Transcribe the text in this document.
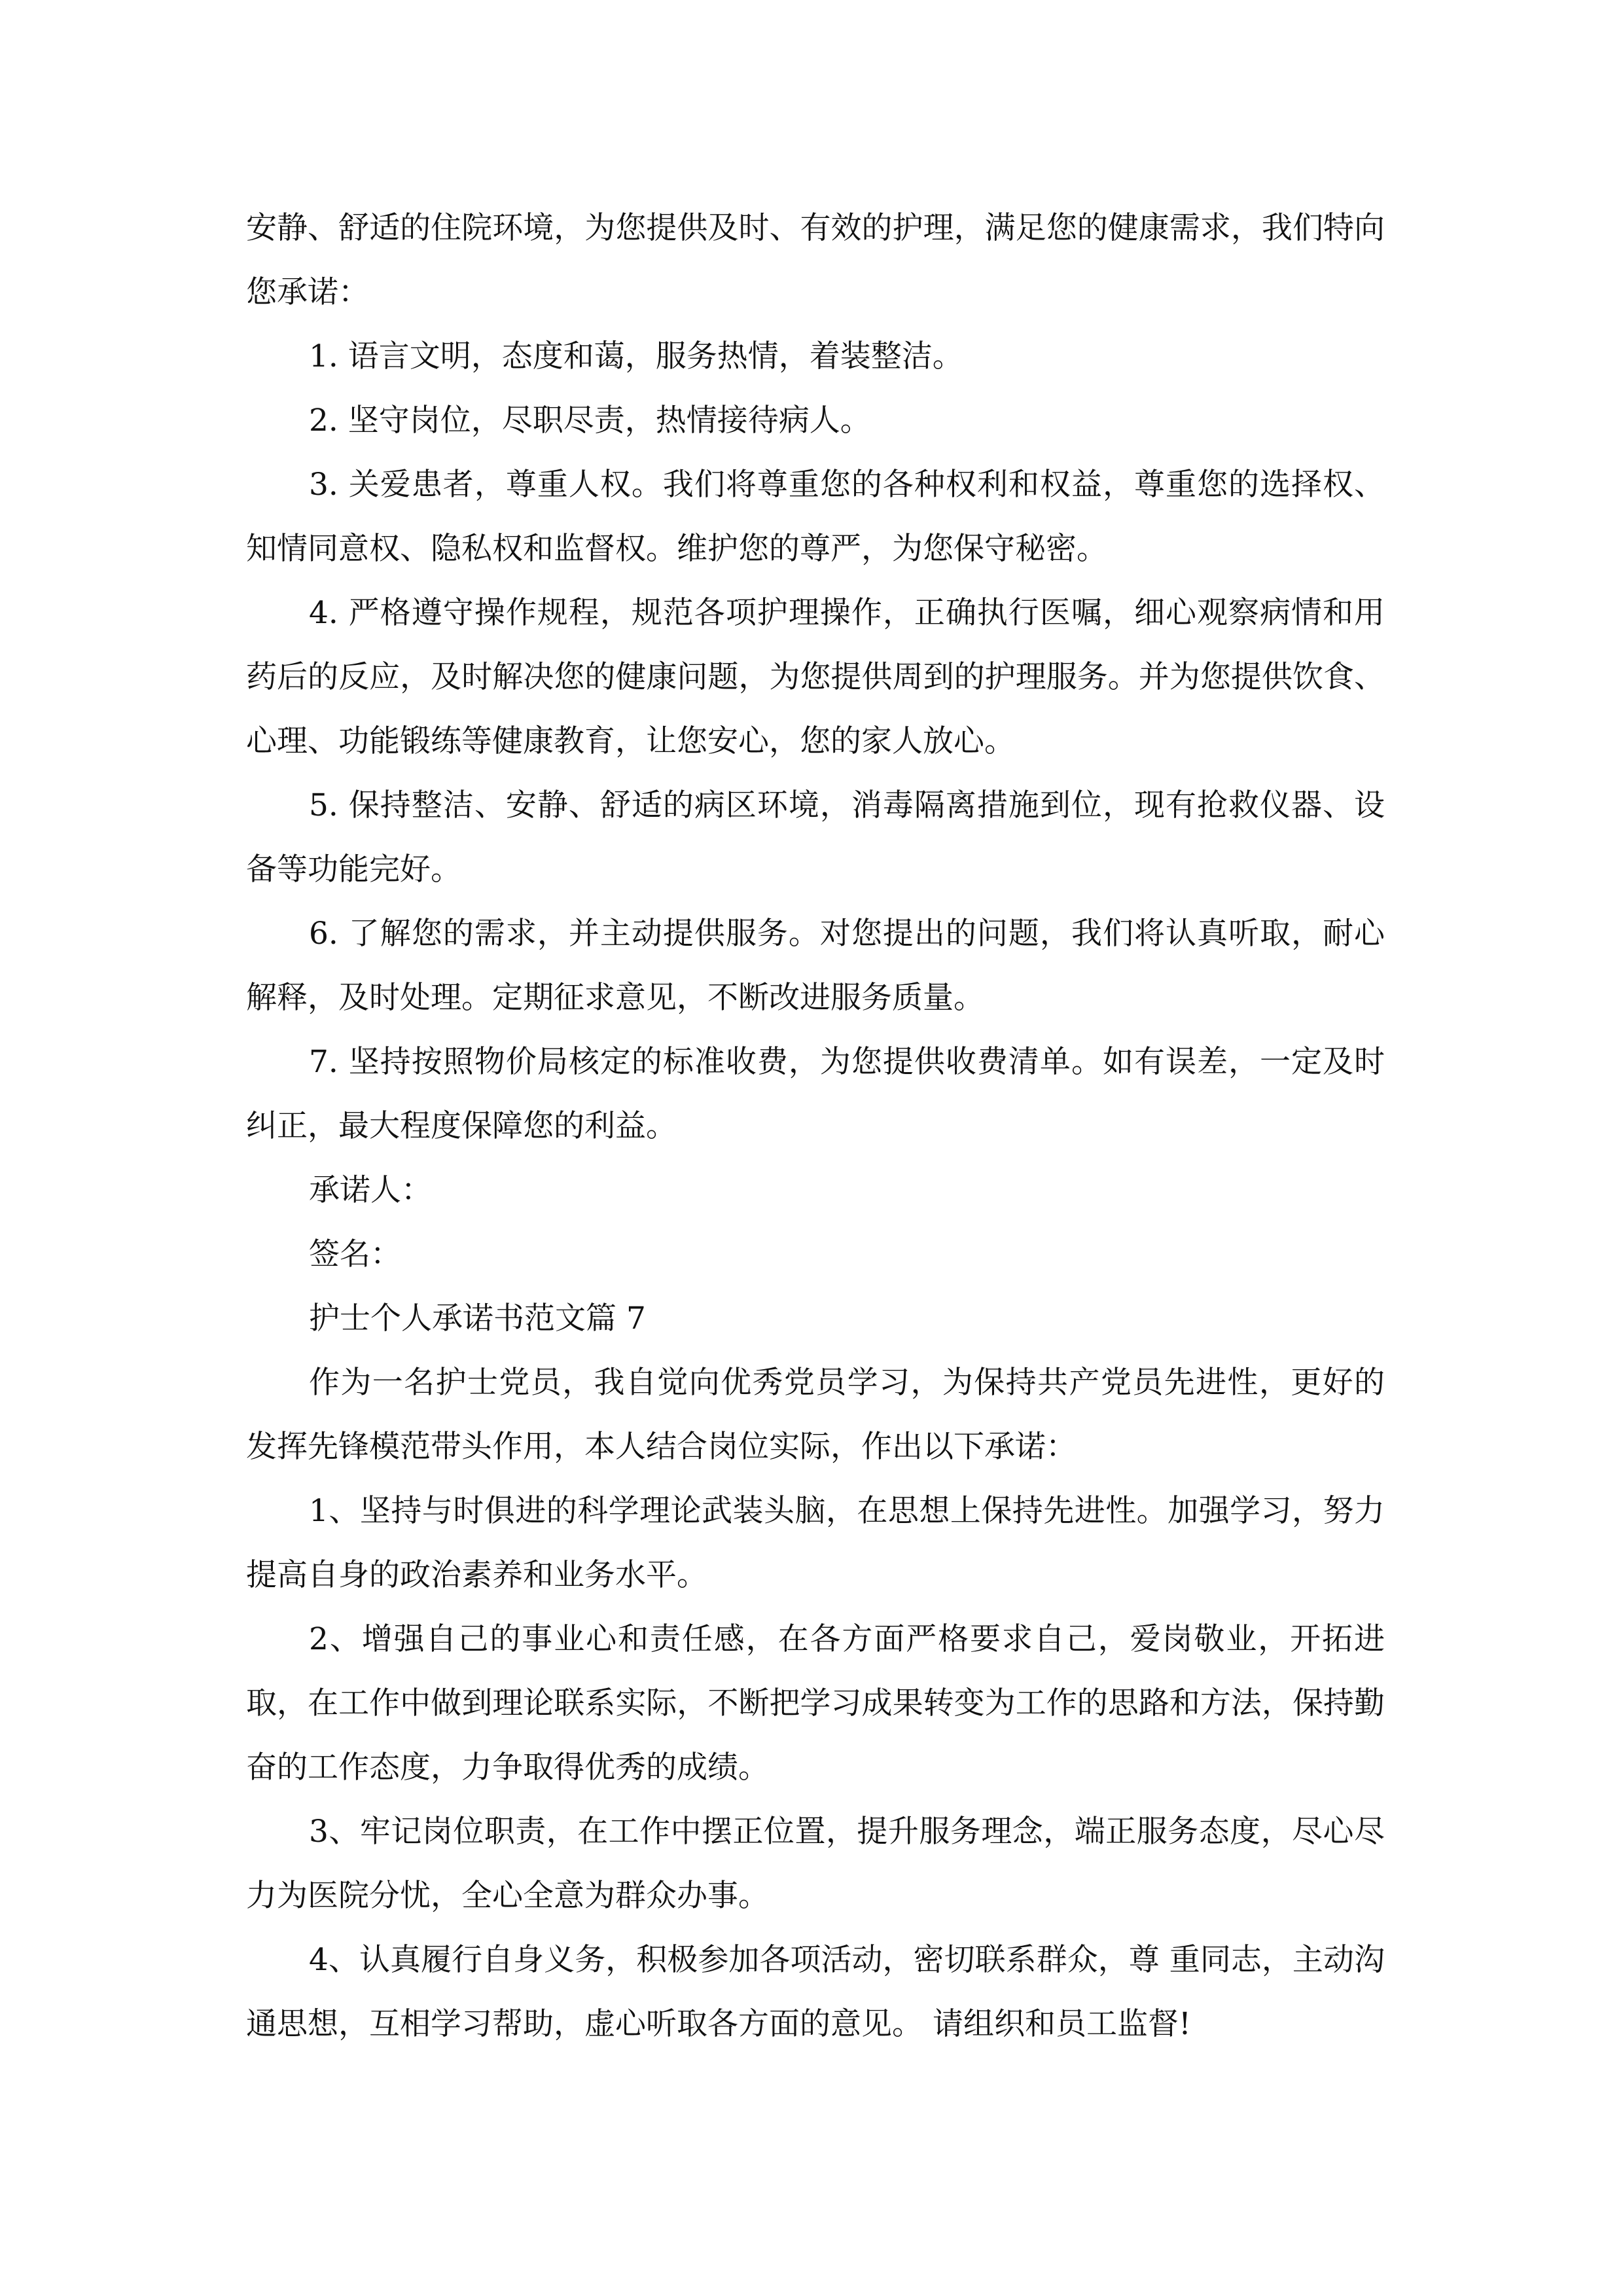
安静、舒适的住院环境，为您提供及时、有效的护理，满足您的健康需求，我们特向您承诺：

1. 语言文明，态度和蔼，服务热情，着装整洁。

2. 坚守岗位，尽职尽责，热情接待病人。

3. 关爱患者，尊重人权。我们将尊重您的各种权利和权益，尊重您的选择权、知情同意权、隐私权和监督权。维护您的尊严，为您保守秘密。

4. 严格遵守操作规程，规范各项护理操作，正确执行医嘱，细心观察病情和用药后的反应，及时解决您的健康问题，为您提供周到的护理服务。并为您提供饮食、心理、功能锻练等健康教育，让您安心，您的家人放心。

5. 保持整洁、安静、舒适的病区环境，消毒隔离措施到位，现有抢救仪器、设备等功能完好。

6. 了解您的需求，并主动提供服务。对您提出的问题，我们将认真听取，耐心解释，及时处理。定期征求意见，不断改进服务质量。

7. 坚持按照物价局核定的标准收费，为您提供收费清单。如有误差，一定及时纠正，最大程度保障您的利益。

承诺人：

签名：

护士个人承诺书范文篇 7

作为一名护士党员，我自觉向优秀党员学习，为保持共产党员先进性，更好的发挥先锋模范带头作用，本人结合岗位实际，作出以下承诺：

1、坚持与时俱进的科学理论武装头脑，在思想上保持先进性。加强学习，努力提高自身的政治素养和业务水平。

2、增强自己的事业心和责任感，在各方面严格要求自己，爱岗敬业，开拓进取，在工作中做到理论联系实际，不断把学习成果转变为工作的思路和方法，保持勤奋的工作态度，力争取得优秀的成绩。

3、牢记岗位职责，在工作中摆正位置，提升服务理念，端正服务态度，尽心尽力为医院分忧，全心全意为群众办事。

4、认真履行自身义务，积极参加各项活动，密切联系群众，尊 重同志，主动沟通思想，互相学习帮助，虚心听取各方面的意见。 请组织和员工监督!
